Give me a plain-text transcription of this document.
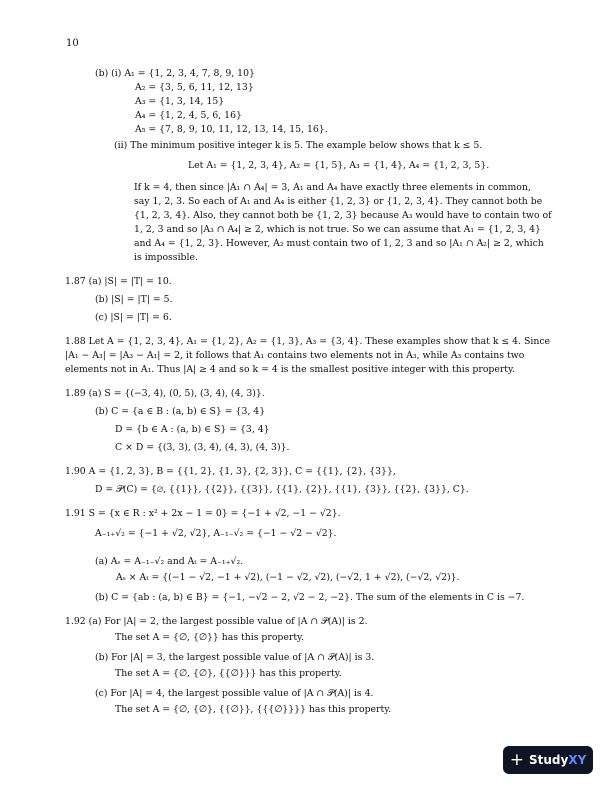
10
(b) (i) A₁ = {1, 2, 3, 4, 7, 8, 9, 10}
A₂ = {3, 5, 6, 11, 12, 13}
A₃ = {1, 3, 14, 15}
A₄ = {1, 2, 4, 5, 6, 16}
A₅ = {7, 8, 9, 10, 11, 12, 13, 14, 15, 16}.
(ii) The minimum positive integer k is 5. The example below shows that k ≤ 5.
Let A₁ = {1, 2, 3, 4}, A₂ = {1, 5}, A₃ = {1, 4}, A₄ = {1, 2, 3, 5}.
If k = 4, then since |A₁ ∩ A₄| = 3, A₁ and A₄ have exactly three elements in common,
say 1, 2, 3. So each of A₁ and A₄ is either {1, 2, 3} or {1, 2, 3, 4}. They cannot both be
{1, 2, 3, 4}. Also, they cannot both be {1, 2, 3} because A₃ would have to contain two of
1, 2, 3 and so |A₃ ∩ A₄| ≥ 2, which is not true. So we can assume that A₁ = {1, 2, 3, 4}
and A₄ = {1, 2, 3}. However, A₂ must contain two of 1, 2, 3 and so |A₁ ∩ A₂| ≥ 2, which
is impossible.
1.87 (a) |S| = |T| = 10.
(b) |S| = |T| = 5.
(c) |S| = |T| = 6.
1.88 Let A = {1, 2, 3, 4}, A₁ = {1, 2}, A₂ = {1, 3}, A₃ = {3, 4}. These examples show that k ≤ 4. Since
|A₁ − A₃| = |A₃ − A₁| = 2, it follows that A₁ contains two elements not in A₃, while A₃ contains two
elements not in A₁. Thus |A| ≥ 4 and so k = 4 is the smallest positive integer with this property.
1.89 (a) S = {(−3, 4), (0, 5), (3, 4), (4, 3)}.
(b) C = {a ∈ B : (a, b) ∈ S} = {3, 4}
D = {b ∈ A : (a, b) ∈ S} = {3, 4}
C × D = {(3, 3), (3, 4), (4, 3), (4, 3)}.
1.90 A = {1, 2, 3}, B = {{1, 2}, {1, 3}, {2, 3}}, C = {{1}, {2}, {3}},
D = 𝒫(C) = {∅, {{1}}, {{2}}, {{3}}, {{1}, {2}}, {{1}, {3}}, {{2}, {3}}, C}.
1.91 S = {x ∈ R : x² + 2x − 1 = 0} = {−1 + √2, −1 − √2}.
A₋₁₊√₂ = {−1 + √2, √2}, A₋₁₋√₂ = {−1 − √2 − √2}.
(a) Aₛ = A₋₁₋√₂ and Aₜ = A₋₁₊√₂.
Aₛ × Aₜ = {(−1 − √2, −1 + √2), (−1 − √2, √2), (−√2, 1 + √2), (−√2, √2)}.
(b) C = {ab : (a, b) ∈ B} = {−1, −√2 − 2, √2 − 2, −2}. The sum of the elements in C is −7.
1.92 (a) For |A| = 2, the largest possible value of |A ∩ 𝒫(A)| is 2.
The set A = {∅, {∅}} has this property.
(b) For |A| = 3, the largest possible value of |A ∩ 𝒫(A)| is 3.
The set A = {∅, {∅}, {{∅}}} has this property.
(c) For |A| = 4, the largest possible value of |A ∩ 𝒫(A)| is 4.
The set A = {∅, {∅}, {{∅}}, {{{∅}}}} has this property.
+ StudyXY
